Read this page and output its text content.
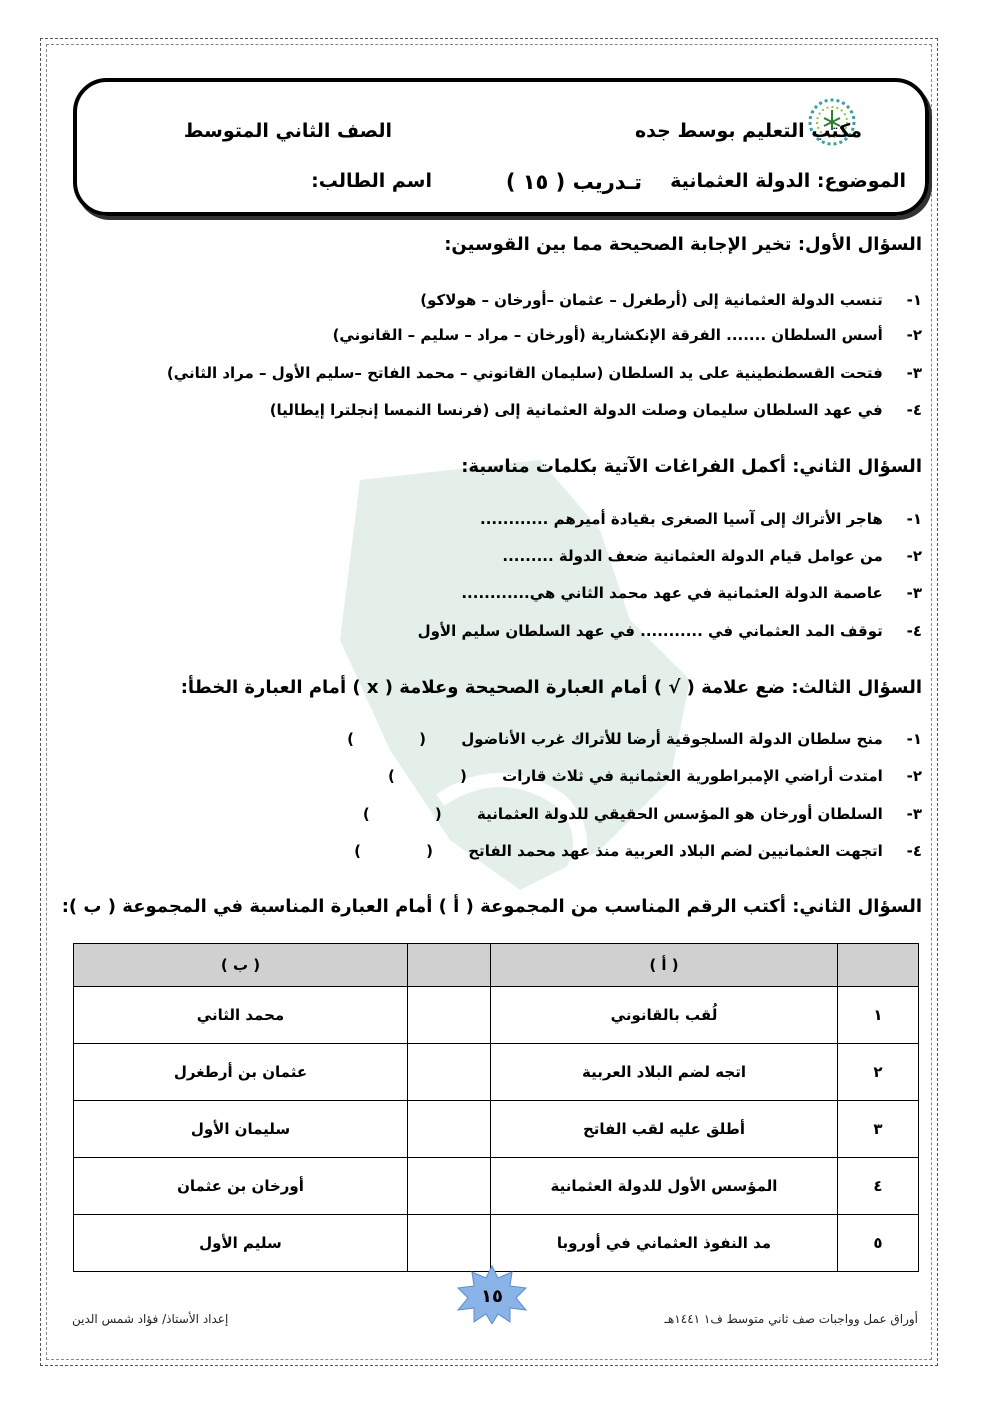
مكتب التعليم بوسط جده
الصف الثاني المتوسط
الموضوع: الدولة العثمانية
تـدريب ( ١٥ )
اسم الطالب:
السؤال الأول: تخير الإجابة الصحيحة مما بين القوسين:
١- تنسب الدولة العثمانية إلى (أرطغرل – عثمان –أورخان – هولاكو)
٢- أسس السلطان ....... الفرقة الإنكشارية (أورخان – مراد – سليم – القانوني)
٣- فتحت القسطنطينية على يد السلطان (سليمان القانوني – محمد الفاتح –سليم الأول – مراد الثاني)
٤- في عهد السلطان سليمان وصلت الدولة العثمانية إلى (فرنسا النمسا إنجلترا إيطاليا)
السؤال الثاني: أكمل الفراغات الآتية بكلمات مناسبة:
١- هاجر الأتراك إلى آسيا الصغرى بقيادة أميرهم ............
٢- من عوامل قيام الدولة العثمانية ضعف الدولة .........
٣- عاصمة الدولة العثمانية في عهد محمد الثاني هي............
٤- توقف المد العثماني في ........... في عهد السلطان سليم الأول
السؤال الثالث: ضع علامة ( √ ) أمام العبارة الصحيحة وعلامة ( x ) أمام العبارة الخطأ:
١- منح سلطان الدولة السلجوقية أرضا للأتراك غرب الأناضول ( )
٢- امتدت أراضي الإمبراطورية العثمانية في ثلاث قارات ( )
٣- السلطان أورخان هو المؤسس الحقيقي للدولة العثمانية ( )
٤- اتجهت العثمانيين لضم البلاد العربية منذ عهد محمد الفاتح ( )
السؤال الثاني: أكتب الرقم المناسب من المجموعة ( أ ) أمام العبارة المناسبة في المجموعة ( ب ):
	( أ )		( ب )
١	لُقب بالقانوني		محمد الثاني
٢	اتجه لضم البلاد العربية		عثمان بن أرطغرل
٣	أطلق عليه لقب الفاتح		سليمان الأول
٤	المؤسس الأول للدولة العثمانية		أورخان بن عثمان
٥	مد النفوذ العثماني في أوروبا		سليم الأول
١٥
أوراق عمل وواجبات صف ثاني متوسط ف١ ١٤٤١هـ
إعداد الأستاذ/ فؤاد شمس الدين
